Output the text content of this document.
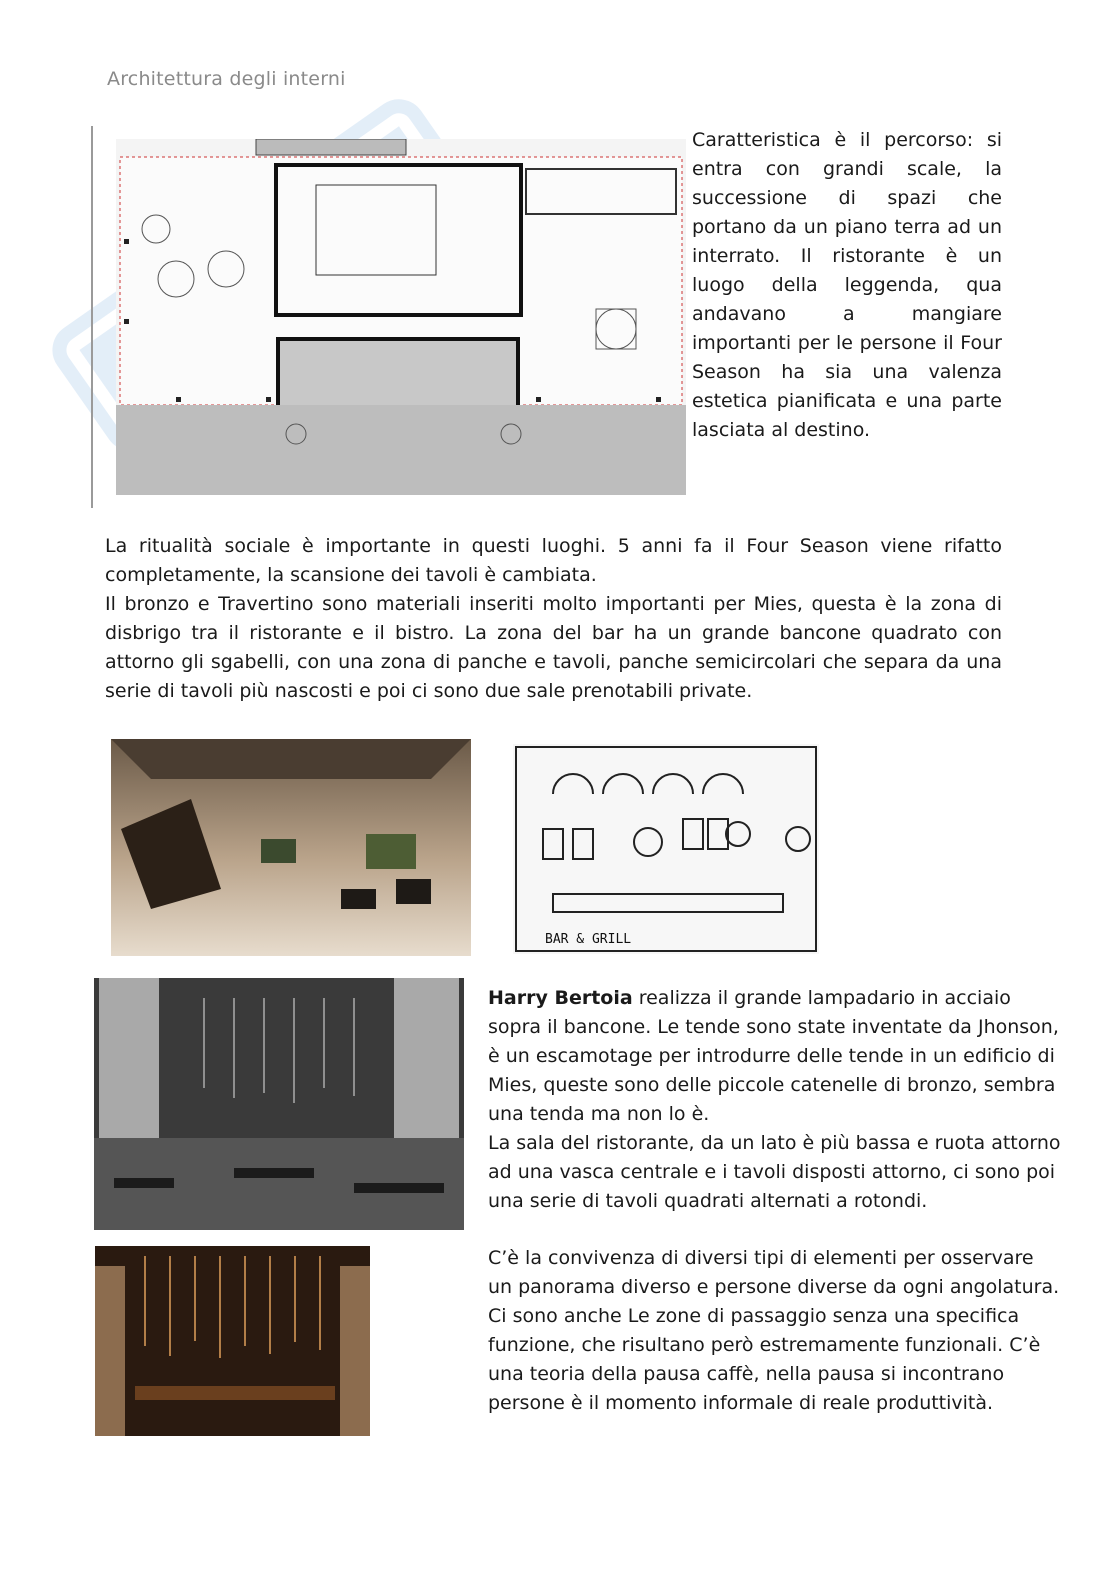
Architettura degli interni

Caratteristica è il percorso: si entra con grandi scale, la successione di spazi che portano da un piano terra ad un interrato. Il ristorante è un luogo della leggenda, qua andavano a mangiare importanti per le persone il Four Season ha sia una valenza estetica pianificata e una parte lasciata al destino.

La ritualità sociale è importante in questi luoghi. 5 anni fa il Four Season viene rifatto completamente, la scansione dei tavoli è cambiata.

Il bronzo e Travertino sono materiali inseriti molto importanti per Mies, questa è la zona di disbrigo tra il ristorante e il bistro. La zona del bar ha un grande bancone quadrato con attorno gli sgabelli, con una zona di panche e tavoli, panche semicircolari che separa da una serie di tavoli più nascosti e poi ci sono due sale prenotabili private.

BAR & GRILL

Harry Bertoia realizza il grande lampadario in acciaio sopra il bancone. Le tende sono state inventate da Jhonson, è un escamotage per introdurre delle tende in un edificio di Mies, queste sono delle piccole catenelle di bronzo, sembra una tenda ma non lo è.

La sala del ristorante, da un lato è più bassa e ruota attorno ad una vasca centrale e i tavoli disposti attorno, ci sono poi una serie di tavoli quadrati alternati a rotondi.

C’è la convivenza di diversi tipi di elementi per osservare un panorama diverso e persone diverse da ogni angolatura. Ci sono anche Le zone di passaggio senza una specifica funzione, che risultano però estremamente funzionali. C’è una teoria della pausa caffè, nella pausa si incontrano persone è il momento informale di reale produttività.
